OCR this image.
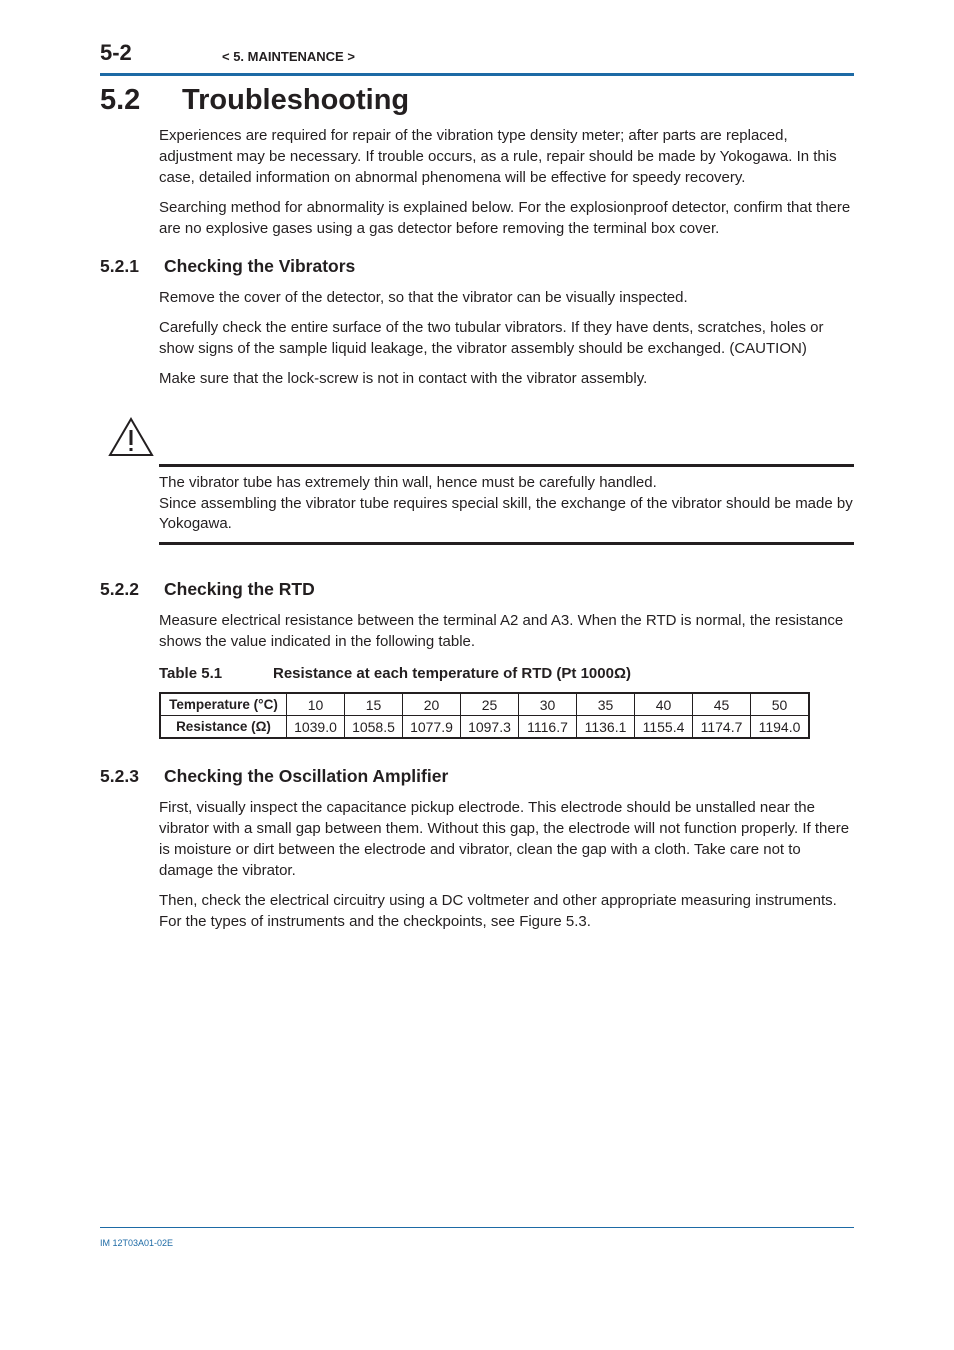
5-2	< 5. MAINTENANCE >
5.2 Troubleshooting

Experiences are required for repair of the vibration type density meter; after parts are replaced, adjustment may be necessary. If trouble occurs, as a rule, repair should be made by Yokogawa. In this case, detailed information on abnormal phenomena will be effective for speedy recovery.

Searching method for abnormality is explained below. For the explosionproof detector, confirm that there are no explosive gases using a gas detector before removing the terminal box cover.

5.2.1 Checking the Vibrators

Remove the cover of the detector, so that the vibrator can be visually inspected.

Carefully check the entire surface of the two tubular vibrators. If they have dents, scratches, holes or show signs of the sample liquid leakage, the vibrator assembly should be exchanged. (CAUTION)

Make sure that the lock-screw is not in contact with the vibrator assembly.

The vibrator tube has extremely thin wall, hence must be carefully handled.

Since assembling the vibrator tube requires special skill, the exchange of the vibrator should be made by Yokogawa.

5.2.2 Checking the RTD

Measure electrical resistance between the terminal A2 and A3. When the RTD is normal, the resistance shows the value indicated in the following table.

Table 5.1	Resistance at each temperature of RTD (Pt 1000Ω)
Temperature (°C)	10	15	20	25	30	35	40	45	50
Resistance (Ω)	1039.0	1058.5	1077.9	1097.3	1116.7	1136.1	1155.4	1174.7	1194.0
5.2.3 Checking the Oscillation Amplifier

First, visually inspect the capacitance pickup electrode. This electrode should be unstalled near the vibrator with a small gap between them. Without this gap, the electrode will not function properly. If there is moisture or dirt between the electrode and vibrator, clean the gap with a cloth. Take care not to damage the vibrator.

Then, check the electrical circuitry using a DC voltmeter and other appropriate measuring instruments. For the types of instruments and the checkpoints, see Figure 5.3.

IM 12T03A01-02E
